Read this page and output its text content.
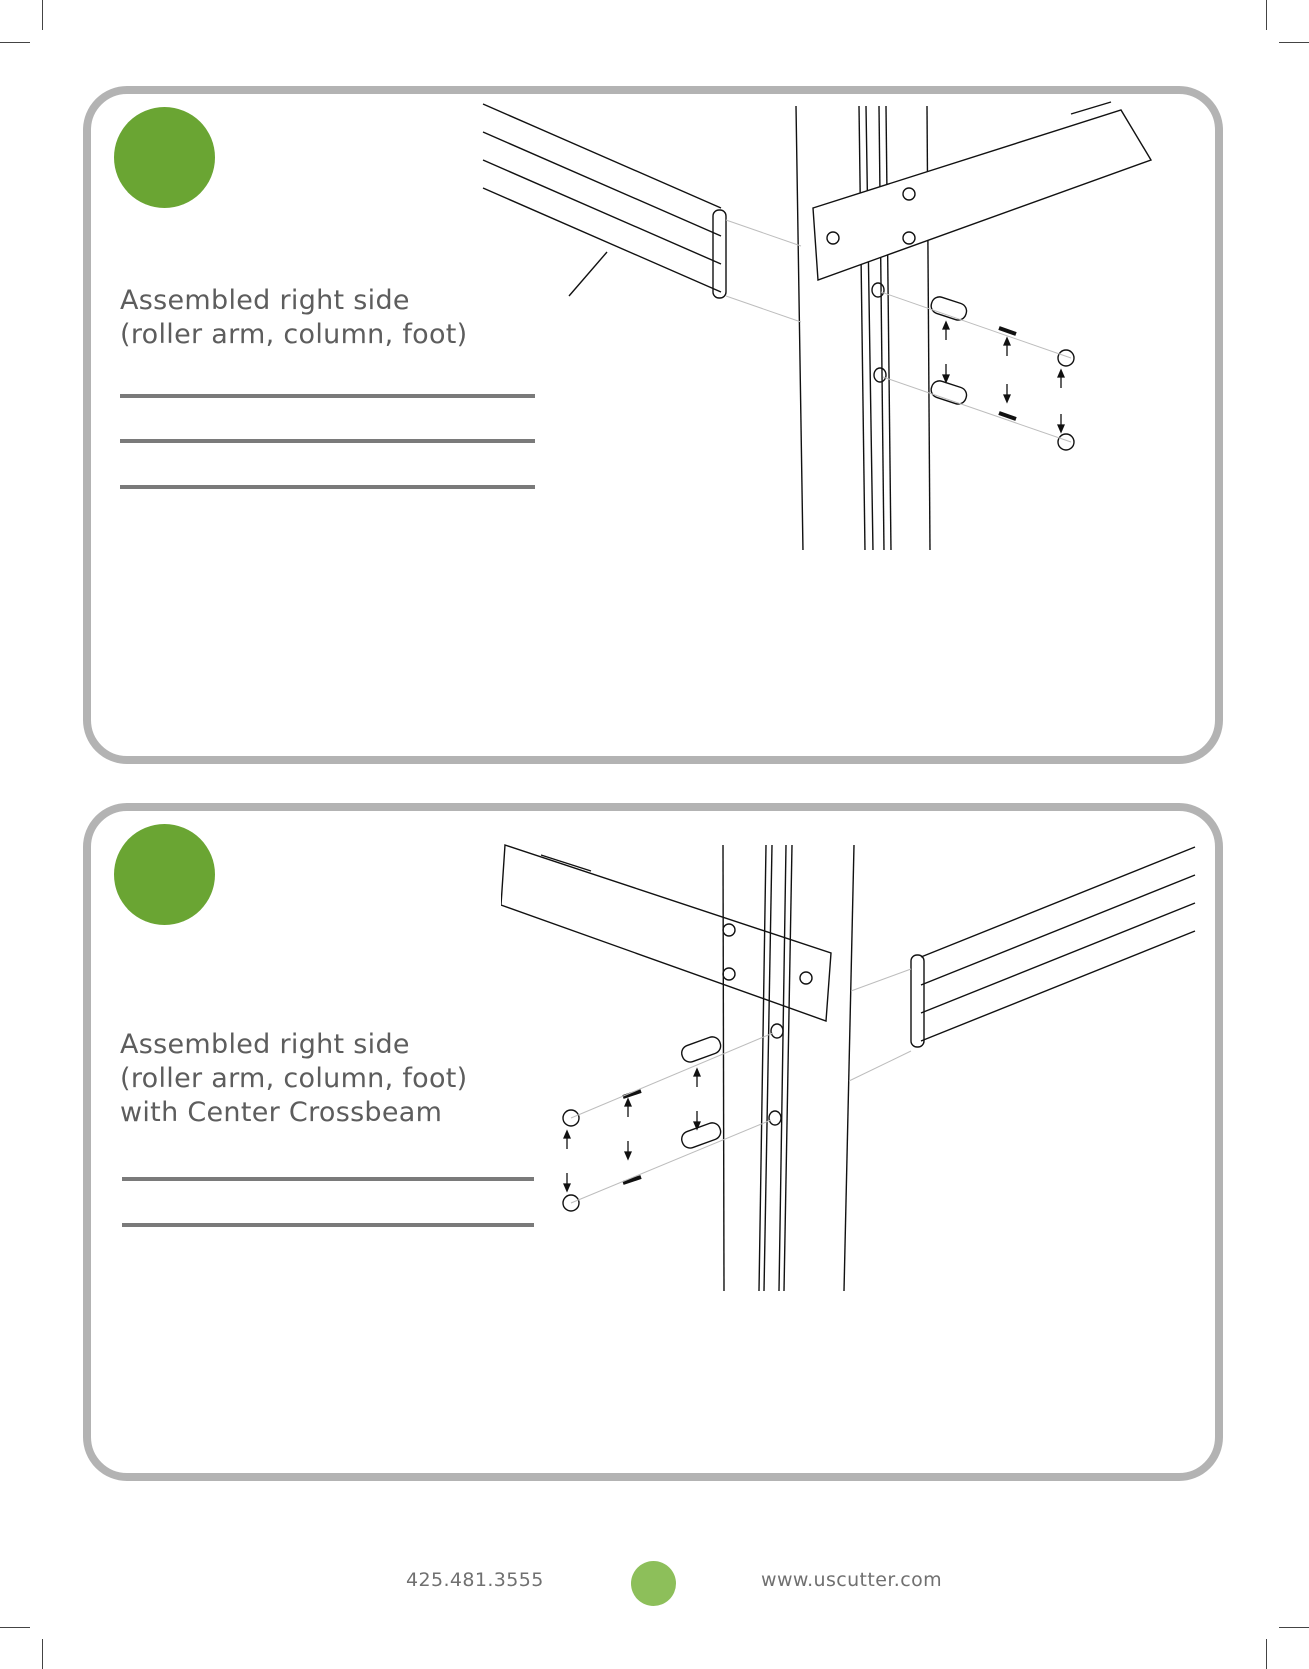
Assembled right side
(roller arm, column, foot)
Assembled right side
(roller arm, column, foot)
with Center Crossbeam
425.481.3555	www.uscutter.com
